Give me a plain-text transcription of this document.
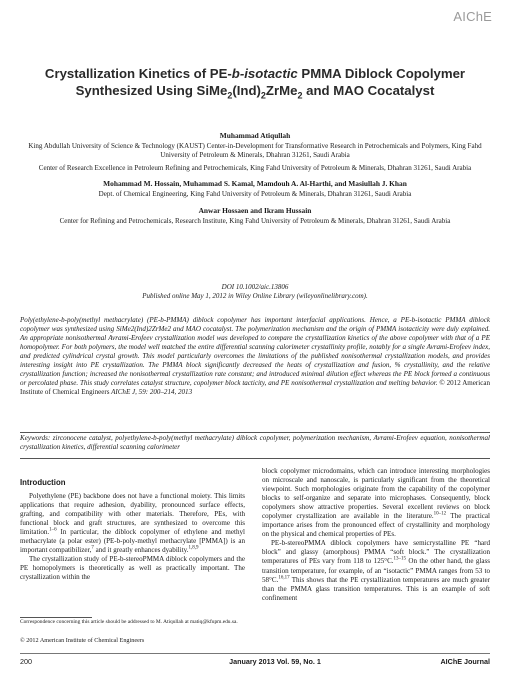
AIChE
Crystallization Kinetics of PE-b-isotactic PMMA Diblock Copolymer Synthesized Using $SiMe_2(Ind)_2ZrMe_2$ and MAO Cocatalyst
Muhammad Atiqullah
King Abdullah University of Science & Technology (KAUST) Center-in-Development for Transformative Research in Petrochemicals and Polymers, King Fahd University of Petroleum & Minerals, Dhahran 31261, Saudi Arabia
Center of Research Excellence in Petroleum Refining and Petrochemicals, King Fahd University of Petroleum & Minerals, Dhahran 31261, Saudi Arabia
Mohammad M. Hossain, Muhammad S. Kamal, Mamdouh A. Al-Harthi, and Masiullah J. Khan
Dept. of Chemical Engineering, King Fahd University of Petroleum & Minerals, Dhahran 31261, Saudi Arabia
Anwar Hossaen and Ikram Hussain
Center for Refining and Petrochemicals, Research Institute, King Fahd University of Petroleum & Minerals, Dhahran 31261, Saudi Arabia
DOI 10.1002/aic.13806
Published online May 1, 2012 in Wiley Online Library (wileyonlinelibrary.com).
Poly(ethylene-b-poly(methyl methacrylate) (PE-b-PMMA) diblock copolymer has important interfacial applications. Hence, a PE-b-isotactic PMMA diblock copolymer was synthesized using SiMe2(Ind)2ZrMe2 and MAO cocatalyst. The polymerization mechanism and the origin of PMMA isotacticity were duly explained. An appropriate nonisothermal Avrami-Erofeev crystallization model was developed to compare the crystallization kinetics of the above copolymer with that of a PE homopolymer. For both polymers, the model well matched the entire differential scanning calorimeter crystallinity profile, notably for a single Avrami-Erofeev index, and predicted cylindrical crystal growth. This model particularly overcomes the limitations of the published nonisothermal crystallization models, and provides interesting insight into PE crystallization. The PMMA block significantly decreased the heats of crystallization and fusion, % crystallinity, and the relative crystallization function; increased the nonisothermal crystallization rate constant; and introduced minimal dilution effect whereas the PE block formed a continuous or percolated phase. This study correlates catalyst structure, copolymer block tacticity, and PE nonisothermal crystallization and melting behavior. © 2012 American Institute of Chemical Engineers AIChE J, 59: 200–214, 2013
Keywords: zirconocene catalyst, polyethylene-b-poly(methyl methacrylate) diblock copolymer, polymerization mechanism, Avrami-Erofeev equation, nonisothermal crystallization kinetics, differential scanning calorimeter
Introduction

Polyethylene (PE) backbone does not have a functional moiety. This limits applications that require adhesion, dyability, pronounced surface effects, grafting, and compatibility with other materials. Therefore, PEs, with functional block and graft structures, are synthesized to overcome this limitation.$^{1-6}$ In particular, the diblock copolymer of ethylene and methyl methacrylate (a polar ester) (PE-b-poly-methyl methacrylate [PMMA]) is an important compatibilizer,$^7$ and it greatly enhances dyability.$^{1,8,9}$

The crystallization study of PE-b-stereoPMMA diblock copolymers and the PE homopolymers is theoretically as well as practically important. The crystallization within the

Correspondence concerning this article should be addressed to M. Atiqullah at matiq@kfupm.edu.sa.
© 2012 American Institute of Chemical Engineers

block copolymer microdomains, which can introduce interesting morphologies on microscale and nanoscale, is particularly significant from the theoretical viewpoint. Such morphologies originate from the capability of the copolymer blocks to self-organize and separate into microphases. Consequently, block copolymers show attractive properties. Several excellent reviews on block copolymer crystallization are available in the literature.$^{10-12}$ The practical importance arises from the pronounced effect of crystallinity and morphology on the physical and chemical properties of PEs.

PE-b-stereoPMMA diblock copolymers have semicrystalline PE “hard block” and glassy (amorphous) PMMA “soft block.” The crystallization temperatures of PEs vary from 118 to 125°C.$^{13-15}$ On the other hand, the glass transition temperature, for example, of an “isotactic” PMMA ranges from 53 to 58°C.$^{16,17}$ This shows that the PE crystallization temperatures are much greater than the PMMA glass transition temperatures. This is an example of soft confinement

200	January 2013 Vol. 59, No. 1	AIChE Journal
